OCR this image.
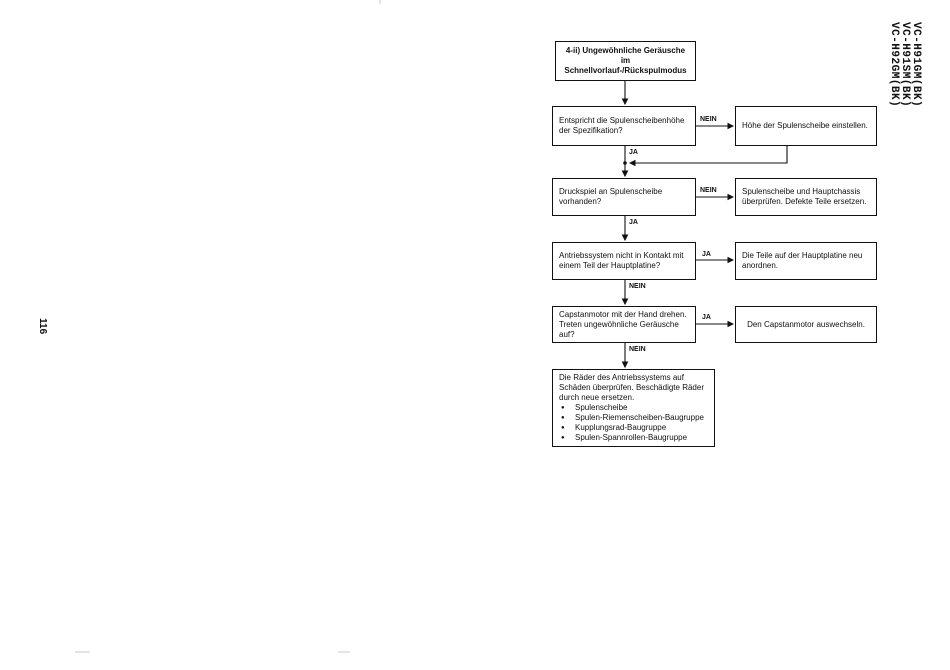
VC-H91GM(BK)
VC-H91SM(BK)
VC-H92GM(BK)
116
4-ii) Ungewöhnliche Geräusche im Schnellvorlauf-/Rückspulmodus
Entspricht die Spulenscheibenhöhe der Spezifikation?
Höhe der Spulenscheibe einstellen.
Druckspiel an Spulenscheibe vorhanden?
Spulenscheibe und Hauptchassis überprüfen. Defekte Teile ersetzen.
Antriebssystem nicht in Kontakt mit einem Teil der Hauptplatine?
Die Teile auf der Hauptplatine neu anordnen.
Capstanmotor mit der Hand drehen. Treten ungewöhnliche Geräusche auf?
Den Capstanmotor auswechseln.
Die Räder des Antriebssystems auf Schäden überprüfen. Beschädigte Räder durch neue ersetzen.
● Spulenscheibe
● Spulen-Riemenscheiben-Baugruppe
● Kupplungsrad-Baugruppe
● Spulen-Spannrollen-Baugruppe
NEIN
JA
NEIN
JA
JA
NEIN
JA
NEIN
